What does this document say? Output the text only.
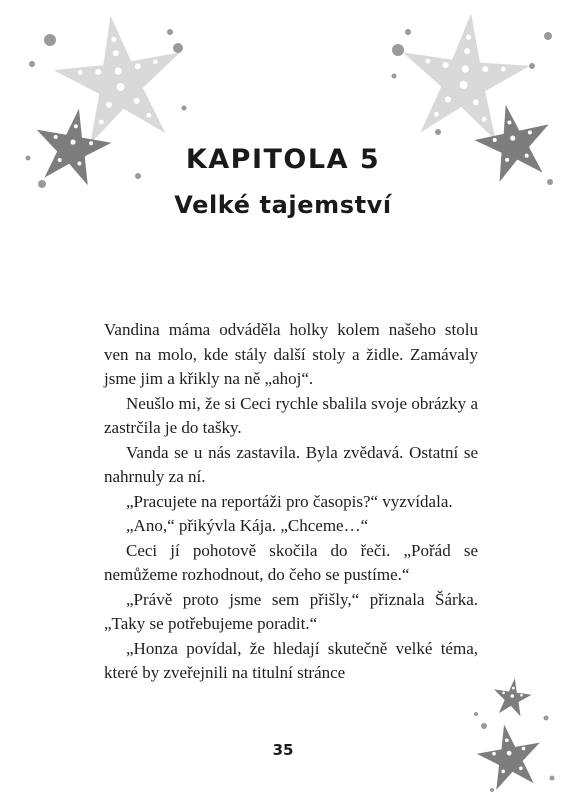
KAPITOLA 5
Velké tajemství

Vandina máma odváděla holky kolem našeho stolu ven na molo, kde stály další stoly a židle. Zamávaly jsme jim a křikly na ně „ahoj“.

Neušlo mi, že si Ceci rychle sbalila svoje obrázky a zastrčila je do tašky.

Vanda se u nás zastavila. Byla zvědavá. Ostatní se nahrnuly za ní.

„Pracujete na reportáži pro časopis?“ vyzvídala.

„Ano,“ přikývla Kája. „Chceme…“

Ceci jí pohotově skočila do řeči. „Pořád se nemůžeme rozhodnout, do čeho se pustíme.“

„Právě proto jsme sem přišly,“ přiznala Šárka. „Taky se potřebujeme poradit.“

„Honza povídal, že hledají skutečně velké téma, které by zveřejnili na titulní stránce

35
